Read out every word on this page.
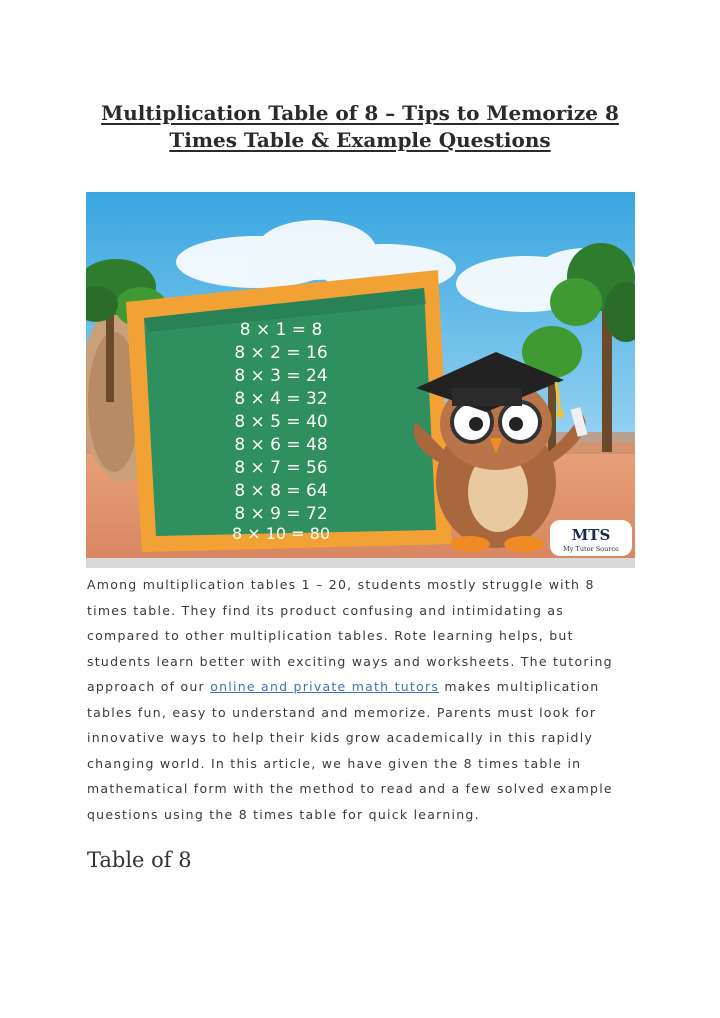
Multiplication Table of 8 – Tips to Memorize 8 Times Table & Example Questions
8 × 1 = 8
8 × 2 = 16
8 × 3 = 24
8 × 4 = 32
8 × 5 = 40
8 × 6 = 48
8 × 7 = 56
8 × 8 = 64
8 × 9 = 72
8 × 10 = 80	MTS
My Tutor Source

Among multiplication tables 1 – 20, students mostly struggle with 8 times table. They find its product confusing and intimidating as compared to other multiplication tables. Rote learning helps, but students learn better with exciting ways and worksheets. The tutoring approach of our online and private math tutors makes multiplication tables fun, easy to understand and memorize. Parents must look for innovative ways to help their kids grow academically in this rapidly changing world. In this article, we have given the 8 times table in mathematical form with the method to read and a few solved example questions using the 8 times table for quick learning.

Table of 8
